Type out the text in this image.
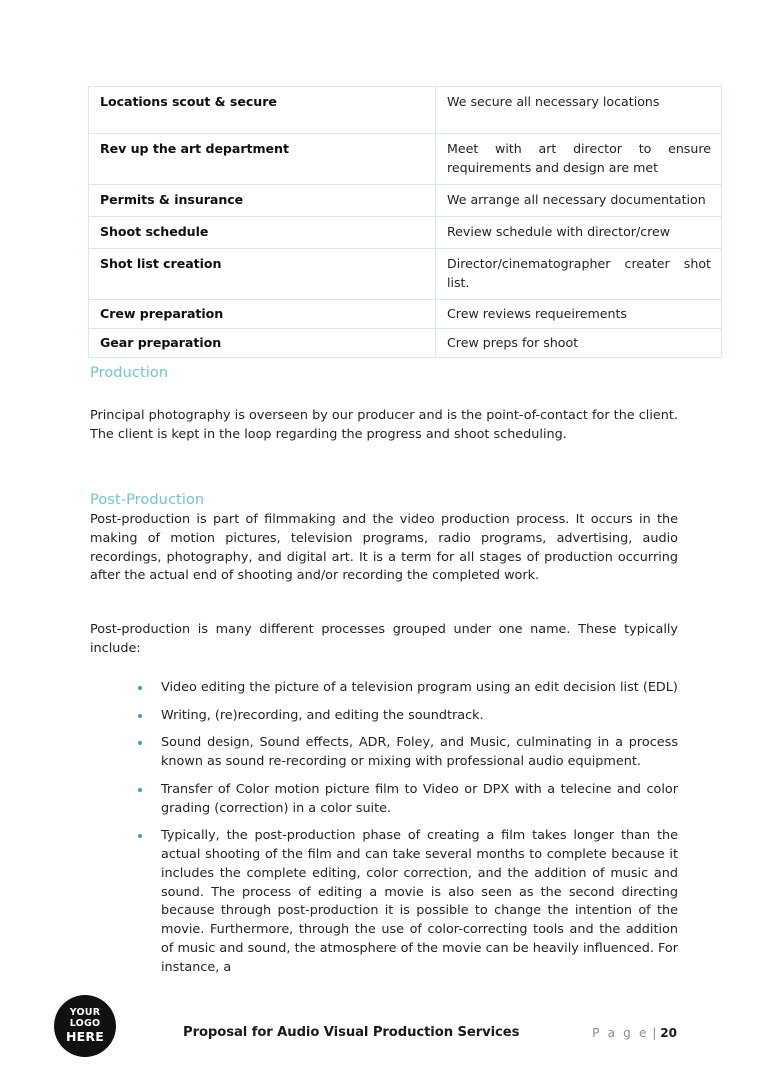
Locations scout & secure	We secure all necessary locations
Rev up the art department	Meet with art director to ensure requirements and design are met
Permits & insurance	We arrange all necessary documentation
Shoot schedule	Review schedule with director/crew
Shot list creation	Director/cinematographer creater shot list.
Crew preparation	Crew reviews requeirements
Gear preparation	Crew preps for shoot
Production

Principal photography is overseen by our producer and is the point-of-contact for the client. The client is kept in the loop regarding the progress and shoot scheduling.

Post-Production

Post-production is part of filmmaking and the video production process. It occurs in the making of motion pictures, television programs, radio programs, advertising, audio recordings, photography, and digital art. It is a term for all stages of production occurring after the actual end of shooting and/or recording the completed work.

Post-production is many different processes grouped under one name. These typically include:

Video editing the picture of a television program using an edit decision list (EDL)
Writing, (re)recording, and editing the soundtrack.
Sound design, Sound effects, ADR, Foley, and Music, culminating in a process known as sound re-recording or mixing with professional audio equipment.
Transfer of Color motion picture film to Video or DPX with a telecine and color grading (correction) in a color suite.
Typically, the post-production phase of creating a film takes longer than the actual shooting of the film and can take several months to complete because it includes the complete editing, color correction, and the addition of music and sound. The process of editing a movie is also seen as the second directing because through post-production it is possible to change the intention of the movie. Furthermore, through the use of color-correcting tools and the addition of music and sound, the atmosphere of the movie can be heavily influenced. For instance, a
YOUR
LOGO
HERE	Proposal for Audio Visual Production Services	P a g e | 20
